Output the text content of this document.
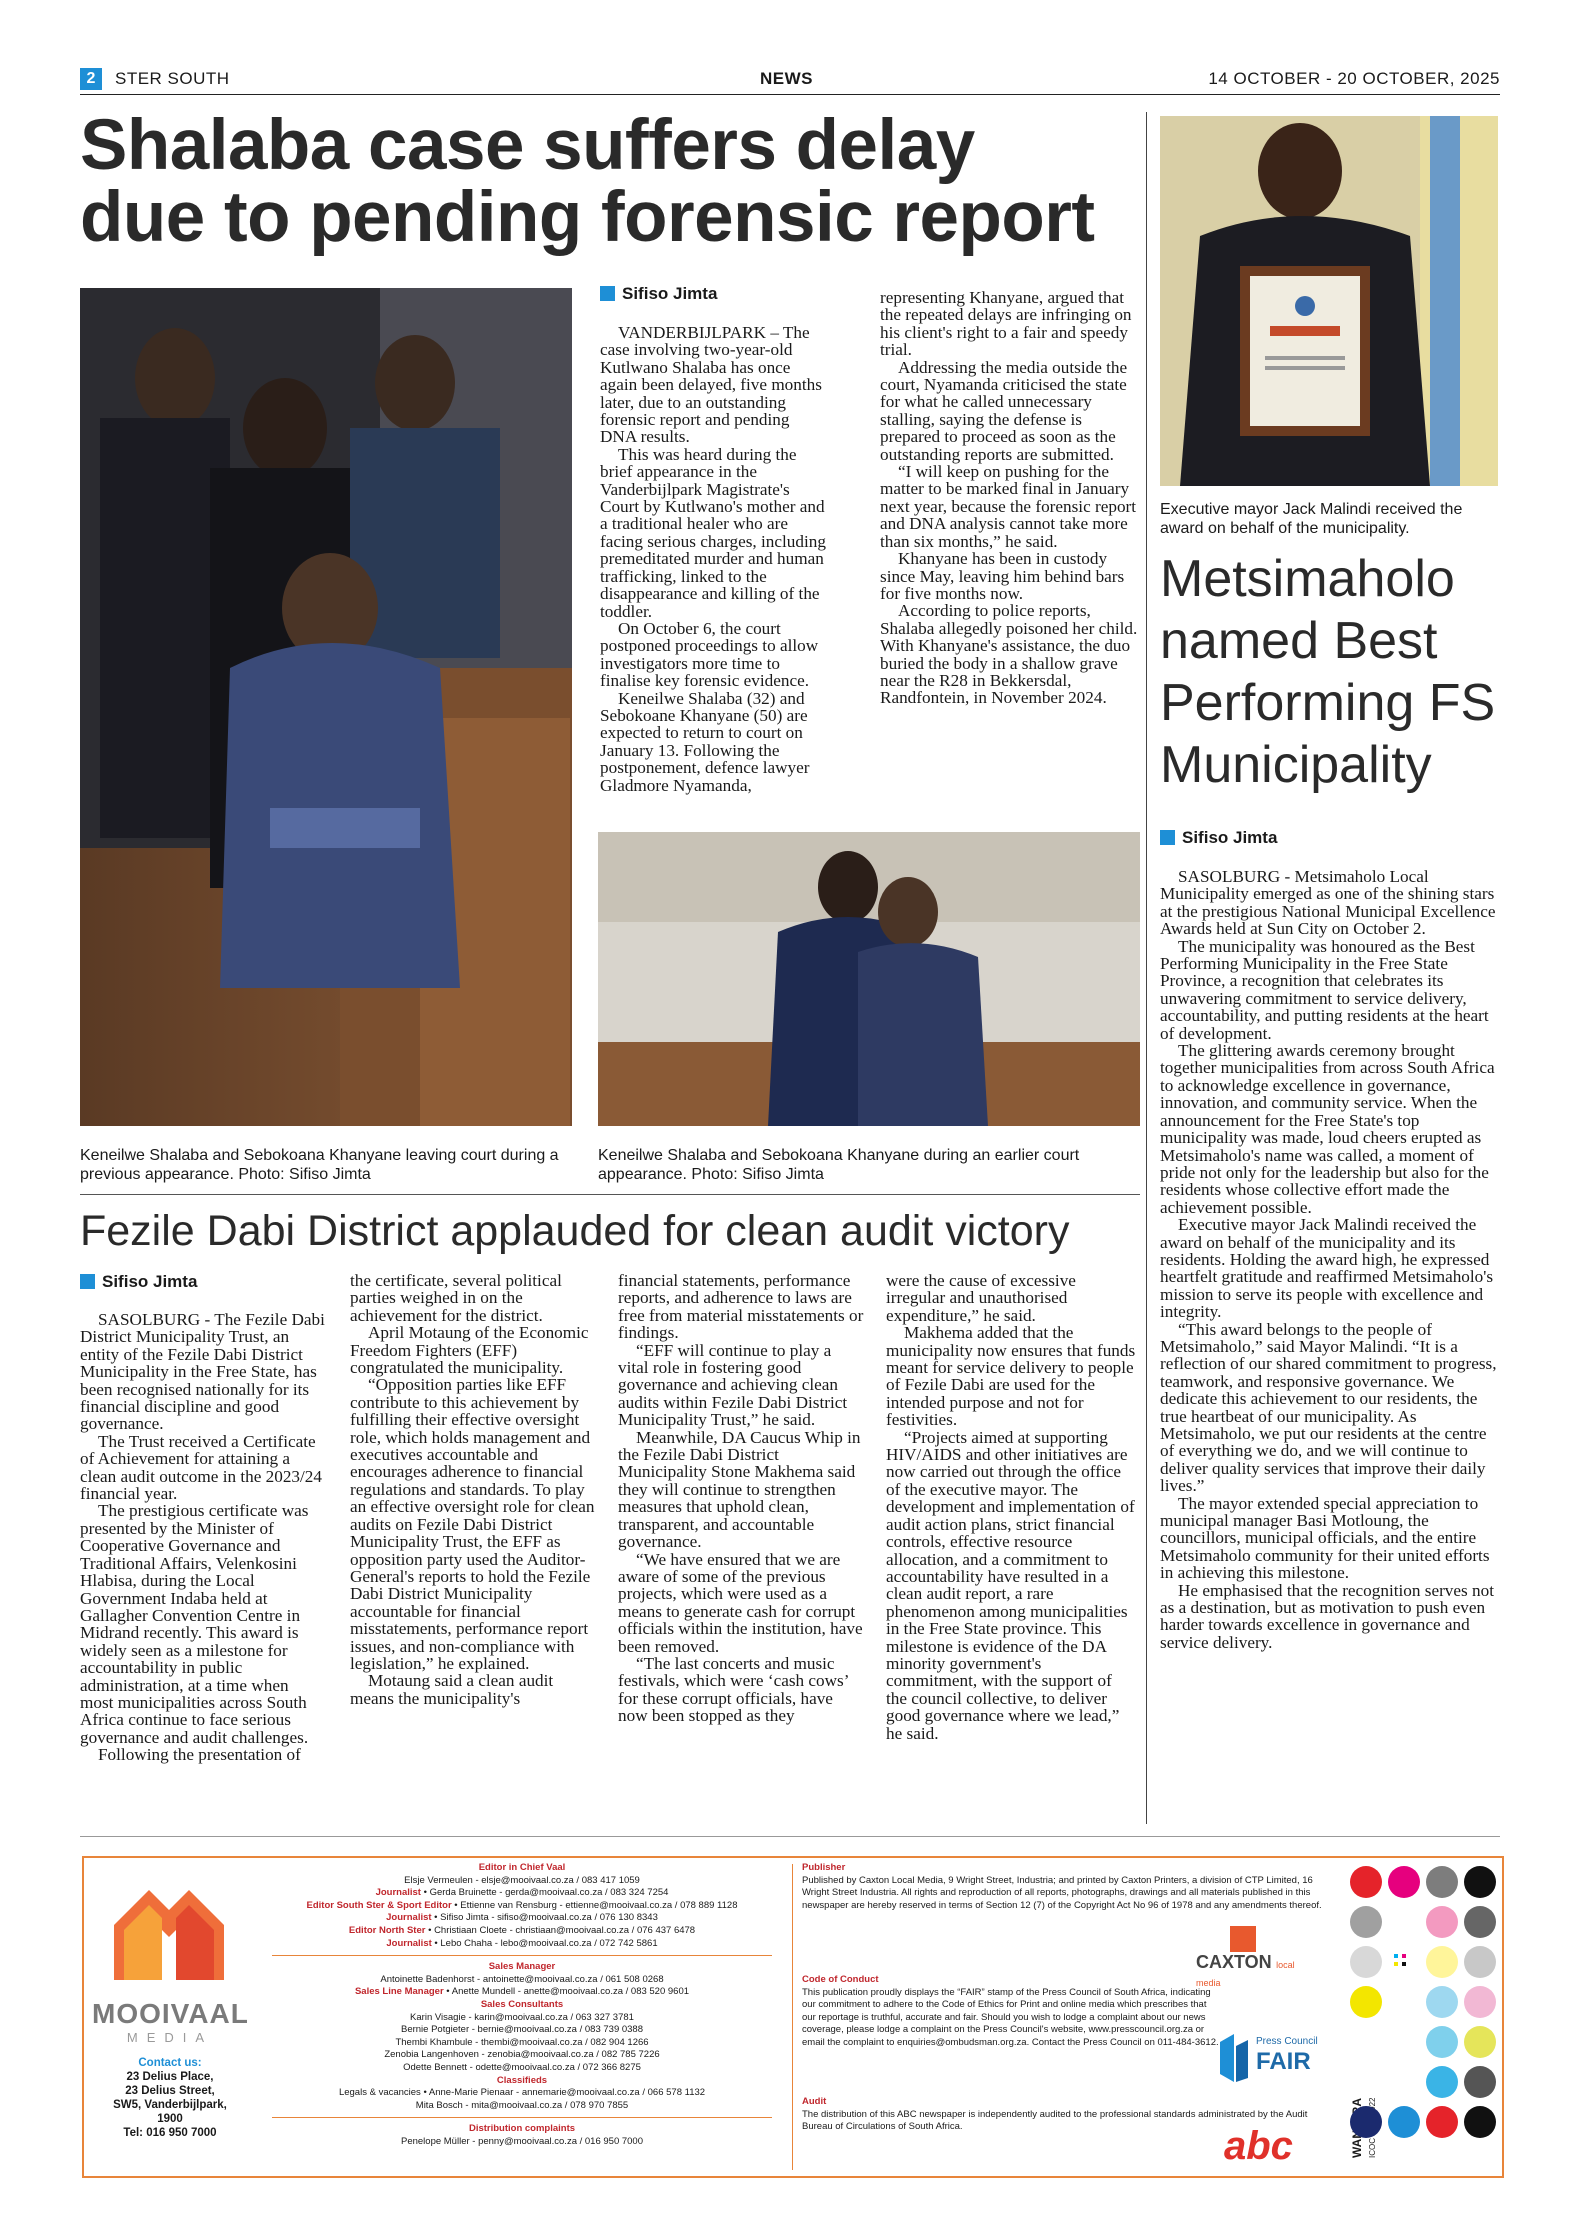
2	STER SOUTH	NEWS	14 OCTOBER - 20 OCTOBER, 2025
Shalaba case suffers delay
due to pending forensic report
Keneilwe Shalaba and Sebokoana Khanyane leaving court during a previous appearance. Photo: Sifiso Jimta
Sifiso Jimta

VANDERBIJLPARK – The case involving two-year-old Kutlwano Shalaba has once again been delayed, five months later, due to an outstanding forensic report and pending DNA results.

This was heard during the brief appearance in the Vanderbijlpark Magistrate's Court by Kutlwano's mother and a traditional healer who are facing serious charges, including premeditated murder and human trafficking, linked to the disappearance and killing of the toddler.

On October 6, the court postponed proceedings to allow investigators more time to finalise key forensic evidence.

Keneilwe Shalaba (32) and Sebokoane Khanyane (50) are expected to return to court on January 13. Following the postponement, defence lawyer Gladmore Nyamanda,

representing Khanyane, argued that the repeated delays are infringing on his client's right to a fair and speedy trial.

Addressing the media outside the court, Nyamanda criticised the state for what he called unnecessary stalling, saying the defense is prepared to proceed as soon as the outstanding reports are submitted.

“I will keep on pushing for the matter to be marked final in January next year, because the forensic report and DNA analysis cannot take more than six months,” he said.

Khanyane has been in custody since May, leaving him behind bars for five months now.

According to police reports, Shalaba allegedly poisoned her child. With Khanyane's assistance, the duo buried the body in a shallow grave near the R28 in Bekkersdal, Randfontein, in November 2024.

Keneilwe Shalaba and Sebokoana Khanyane during an earlier court appearance. Photo: Sifiso Jimta
Fezile Dabi District applauded for clean audit victory
Sifiso Jimta

SASOLBURG - The Fezile Dabi District Municipality Trust, an entity of the Fezile Dabi District Municipality in the Free State, has been recognised nationally for its financial discipline and good governance.

The Trust received a Certificate of Achievement for attaining a clean audit outcome in the 2023/24 financial year.

The prestigious certificate was presented by the Minister of Cooperative Governance and Traditional Affairs, Velenkosini Hlabisa, during the Local Government Indaba held at Gallagher Convention Centre in Midrand recently. This award is widely seen as a milestone for accountability in public administration, at a time when most municipalities across South Africa continue to face serious governance and audit challenges.

Following the presentation of

the certificate, several political parties weighed in on the achievement for the district.

April Motaung of the Economic Freedom Fighters (EFF) congratulated the municipality.

“Opposition parties like EFF contribute to this achievement by fulfilling their effective oversight role, which holds management and executives accountable and encourages adherence to financial regulations and standards. To play an effective oversight role for clean audits on Fezile Dabi District Municipality Trust, the EFF as opposition party used the Auditor-General's reports to hold the Fezile Dabi District Municipality accountable for financial misstatements, performance report issues, and non-compliance with legislation,” he explained.

Motaung said a clean audit means the municipality's

financial statements, performance reports, and adherence to laws are free from material misstatements or findings.

“EFF will continue to play a vital role in fostering good governance and achieving clean audits within Fezile Dabi District Municipality Trust,” he said.

Meanwhile, DA Caucus Whip in the Fezile Dabi District Municipality Stone Makhema said they will continue to strengthen measures that uphold clean, transparent, and accountable governance.

“We have ensured that we are aware of some of the previous projects, which were used as a means to generate cash for corrupt officials within the institution, have been removed.

“The last concerts and music festivals, which were ‘cash cows’ for these corrupt officials, have now been stopped as they

were the cause of excessive irregular and unauthorised expenditure,” he said.

Makhema added that the municipality now ensures that funds meant for service delivery to people of Fezile Dabi are used for the intended purpose and not for festivities.

“Projects aimed at supporting HIV/AIDS and other initiatives are now carried out through the office of the executive mayor. The development and implementation of audit action plans, strict financial controls, effective resource allocation, and a commitment to accountability have resulted in a clean audit report, a rare phenomenon among municipalities in the Free State province. This milestone is evidence of the DA minority government's commitment, with the support of the council collective, to deliver good governance where we lead,” he said.

Executive mayor Jack Malindi received the award on behalf of the municipality.
Metsimaholo
named Best
Performing FS
Municipality
Sifiso Jimta

SASOLBURG - Metsimaholo Local Municipality emerged as one of the shining stars at the prestigious National Municipal Excellence Awards held at Sun City on October 2.

The municipality was honoured as the Best Performing Municipality in the Free State Province, a recognition that celebrates its unwavering commitment to service delivery, accountability, and putting residents at the heart of development.

The glittering awards ceremony brought together municipalities from across South Africa to acknowledge excellence in governance, innovation, and community service. When the announcement for the Free State's top municipality was made, loud cheers erupted as Metsimaholo's name was called, a moment of pride not only for the leadership but also for the residents whose collective effort made the achievement possible.

Executive mayor Jack Malindi received the award on behalf of the municipality and its residents. Holding the award high, he expressed heartfelt gratitude and reaffirmed Metsimaholo's mission to serve its people with excellence and integrity.

“This award belongs to the people of Metsimaholo,” said Mayor Malindi. “It is a reflection of our shared commitment to progress, teamwork, and responsive governance. We dedicate this achievement to our residents, the true heartbeat of our municipality. As Metsimaholo, we put our residents at the centre of everything we do, and we will continue to deliver quality services that improve their daily lives.”

The mayor extended special appreciation to municipal manager Basi Motloung, the councillors, municipal officials, and the entire Metsimaholo community for their united efforts in achieving this milestone.

He emphasised that the recognition serves not as a destination, but as motivation to push even harder towards excellence in governance and service delivery.

MOOIVAAL
MEDIA
Contact us:
23 Delius Place,
23 Delius Street,
SW5, Vanderbijlpark,
1900
Tel: 016 950 7000
Editor in Chief Vaal
Elsje Vermeulen - elsje@mooivaal.co.za / 083 417 1059
Journalist • Gerda Bruinette - gerda@mooivaal.co.za / 083 324 7254
Editor South Ster & Sport Editor • Ettienne van Rensburg - ettienne@mooivaal.co.za / 078 889 1128
Journalist • Sifiso Jimta - sifiso@mooivaal.co.za / 076 130 8343
Editor North Ster • Christiaan Cloete - christiaan@mooivaal.co.za / 076 437 6478
Journalist • Lebo Chaha - lebo@mooivaal.co.za / 072 742 5861
Sales Manager
Antoinette Badenhorst - antoinette@mooivaal.co.za / 061 508 0268
Sales Line Manager • Anette Mundell - anette@mooivaal.co.za / 083 520 9601
Sales Consultants
Karin Visagie - karin@mooivaal.co.za / 063 327 3781
Bernie Potgieter - bernie@mooivaal.co.za / 083 739 0388
Thembi Khambule - thembi@mooivaal.co.za / 082 904 1266
Zenobia Langenhoven - zenobia@mooivaal.co.za / 082 785 7226
Odette Bennett - odette@mooivaal.co.za / 072 366 8275
Classifieds
Legals & vacancies • Anne-Marie Pienaar - annemarie@mooivaal.co.za / 066 578 1132
Mita Bosch - mita@mooivaal.co.za / 078 970 7855
Distribution complaints
Penelope Müller - penny@mooivaal.co.za / 016 950 7000
Publisher
Published by Caxton Local Media, 9 Wright Street, Industria; and printed by Caxton Printers, a division of CTP Limited, 16 Wright Street Industria. All rights and reproduction of all reports, photographs, drawings and all materials published in this newspaper are hereby reserved in terms of Section 12 (7) of the Copyright Act No 96 of 1978 and any amendments thereof.
CAXTON local media
Code of Conduct
This publication proudly displays the “FAIR” stamp of the Press Council of South Africa, indicating our commitment to adhere to the Code of Ethics for Print and online media which prescribes that our reportage is truthful, accurate and fair. Should you wish to lodge a complaint about our news coverage, please lodge a complaint on the Press Council's website, www.presscouncil.org.za or email the complaint to enquiries@ombudsman.org.za. Contact the Press Council on 011-484-3612.	Press Council
FAIR
Audit
The distribution of this ABC newspaper is independently audited to the professional standards administrated by the Audit Bureau of Circulations of South Africa.	abc
